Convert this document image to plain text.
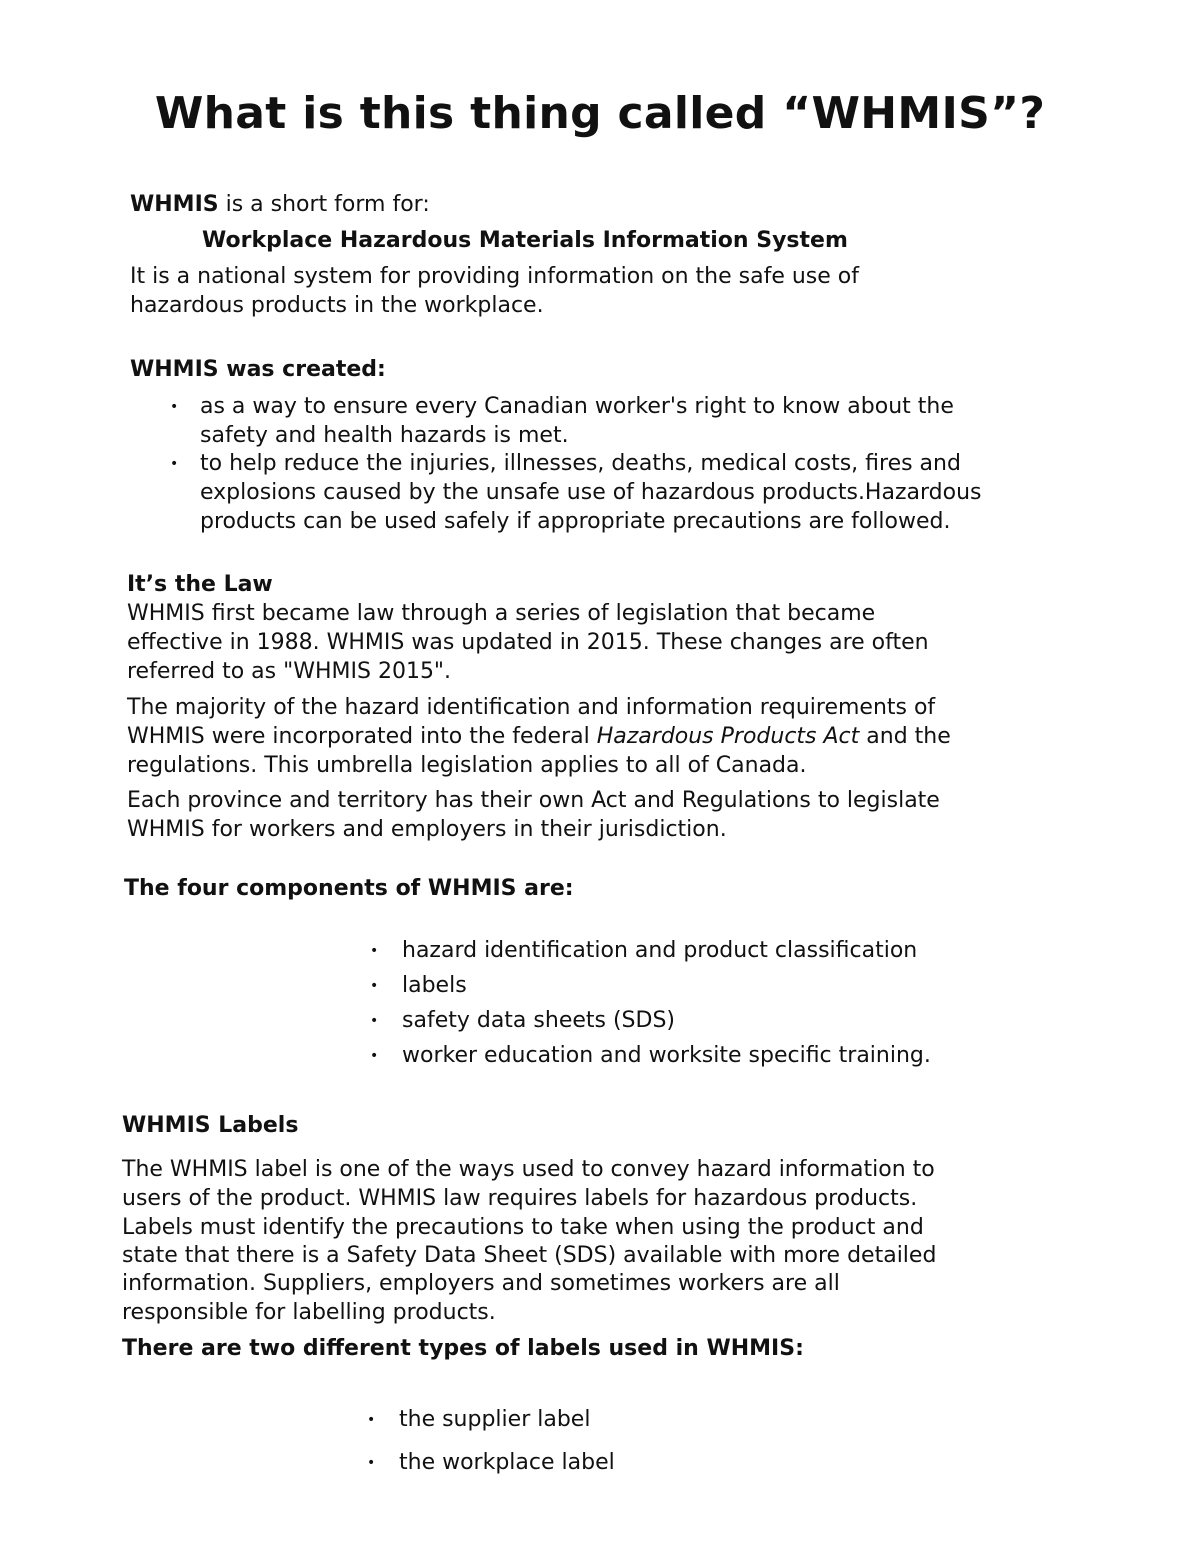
What is this thing called “WHMIS”?

WHMIS is a short form for:

Workplace Hazardous Materials Information System

It is a national system for providing information on the safe use of

hazardous products in the workplace.

WHMIS was created:

• as a way to ensure every Canadian worker's right to know about the

safety and health hazards is met.

• to help reduce the injuries, illnesses, deaths, medical costs, fires and

explosions caused by the unsafe use of hazardous products.Hazardous

products can be used safely if appropriate precautions are followed.

It’s the Law

WHMIS first became law through a series of legislation that became

effective in 1988. WHMIS was updated in 2015. These changes are often

referred to as "WHMIS 2015".

The majority of the hazard identification and information requirements of

WHMIS were incorporated into the federal Hazardous Products Act and the

regulations. This umbrella legislation applies to all of Canada.

Each province and territory has their own Act and Regulations to legislate

WHMIS for workers and employers in their jurisdiction.

The four components of WHMIS are:

• hazard identification and product classification

• labels

• safety data sheets (SDS)

• worker education and worksite specific training.

WHMIS Labels

The WHMIS label is one of the ways used to convey hazard information to

users of the product. WHMIS law requires labels for hazardous products.

Labels must identify the precautions to take when using the product and

state that there is a Safety Data Sheet (SDS) available with more detailed

information. Suppliers, employers and sometimes workers are all

responsible for labelling products.

There are two different types of labels used in WHMIS:

• the supplier label

• the workplace label
